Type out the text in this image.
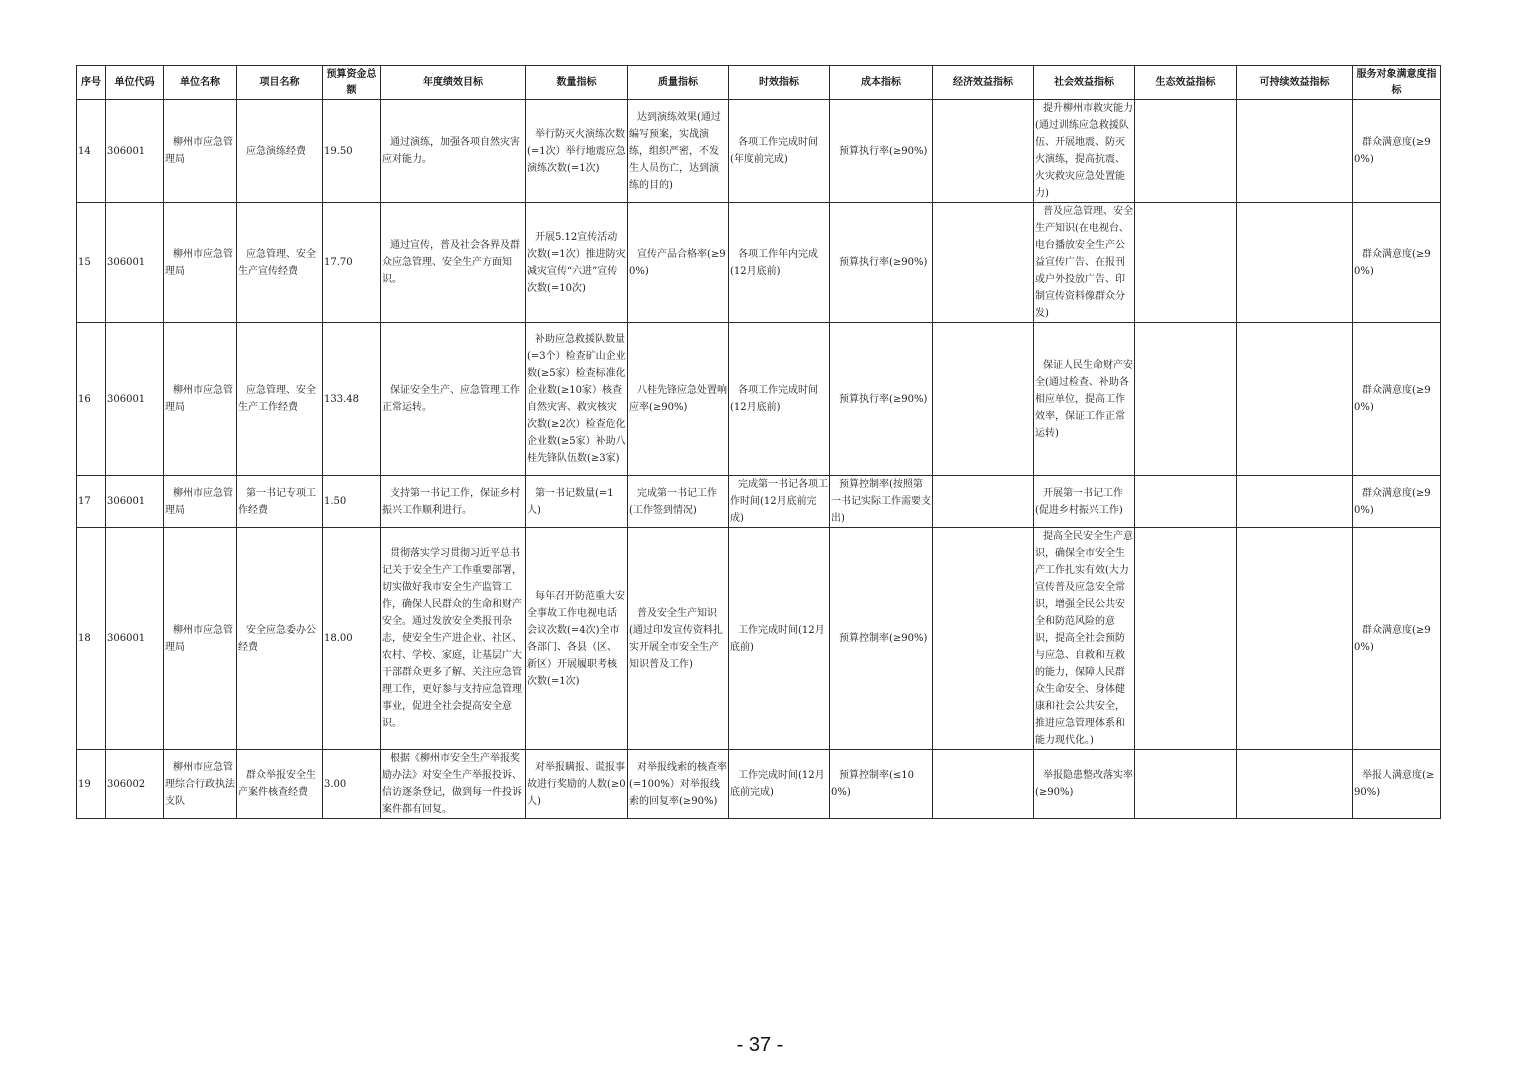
序号	单位代码	单位名称	项目名称	预算资金总额	年度绩效目标	数量指标	质量指标	时效指标	成本指标	经济效益指标	社会效益指标	生态效益指标	可持续效益指标	服务对象满意度指标
14	306001	柳州市应急管理局	应急演练经费	19.50	通过演练，加强各项自然灾害应对能力。	举行防灭火演练次数(=1次）举行地震应急演练次数(=1次)	达到演练效果(通过编写预案，实战演练，组织严密，不发生人员伤亡，达到演练的目的)	各项工作完成时间(年度前完成)	预算执行率(≥90%)		提升柳州市救灾能力(通过训练应急救援队伍、开展地震、防灭火演练，提高抗震、火灾救灾应急处置能力)			群众满意度(≥90%)
15	306001	柳州市应急管理局	应急管理、安全生产宣传经费	17.70	通过宣传，普及社会各界及群众应急管理、安全生产方面知识。	开展5.12宣传活动次数(=1次）推进防灾减灾宣传“六进”宣传次数(=10次)	宣传产品合格率(≥90%)	各项工作年内完成(12月底前)	预算执行率(≥90%)		普及应急管理、安全生产知识(在电视台、电台播放安全生产公益宣传广告、在报刊或户外投放广告、印制宣传资料像群众分发)			群众满意度(≥90%)
16	306001	柳州市应急管理局	应急管理、安全生产工作经费	133.48	保证安全生产、应急管理工作正常运转。	补助应急救援队数量(=3个）检查矿山企业数(≥5家）检查标准化企业数(≥10家）核查自然灾害、救灾核灾次数(≥2次）检查危化企业数(≥5家）补助八桂先锋队伍数(≥3家)	八桂先锋应急处置响应率(≥90%)	各项工作完成时间(12月底前)	预算执行率(≥90%)		保证人民生命财产安全(通过检查、补助各相应单位，提高工作效率，保证工作正常运转)			群众满意度(≥90%)
17	306001	柳州市应急管理局	第一书记专项工作经费	1.50	支持第一书记工作，保证乡村振兴工作顺利进行。	第一书记数量(=1人)	完成第一书记工作(工作签到情况)	完成第一书记各项工作时间(12月底前完成)	预算控制率(按照第一书记实际工作需要支出)		开展第一书记工作(促进乡村振兴工作)			群众满意度(≥90%)
18	306001	柳州市应急管理局	安全应急委办公经费	18.00	贯彻落实学习贯彻习近平总书记关于安全生产工作重要部署，切实做好我市安全生产监管工作，确保人民群众的生命和财产安全。通过发放安全类报刊杂志，使安全生产进企业、社区、农村、学校、家庭，让基层广大干部群众更多了解、关注应急管理工作，更好参与支持应急管理事业，促进全社会提高安全意识。	每年召开防范重大安全事故工作电视电话会议次数(=4次)全市各部门、各县（区、新区）开展履职考核次数(=1次)	普及安全生产知识(通过印发宣传资料扎实开展全市安全生产知识普及工作)	工作完成时间(12月底前)	预算控制率(≥90%)		提高全民安全生产意识，确保全市安全生产工作扎实有效(大力宣传普及应急安全常识，增强全民公共安全和防范风险的意识，提高全社会预防与应急、自救和互救的能力，保障人民群众生命安全、身体健康和社会公共安全，推进应急管理体系和能力现代化。)			群众满意度(≥90%)
19	306002	柳州市应急管理综合行政执法支队	群众举报安全生产案件核查经费	3.00	根据《柳州市安全生产举报奖励办法》对安全生产举报投诉、信访逐条登记，做到每一件投诉案件都有回复。	对举报瞒报、谎报事故进行奖励的人数(≥0人)	对举报线索的核查率(=100%）对举报线索的回复率(≥90%)	工作完成时间(12月底前完成)	预算控制率(≤100%)		举报隐患整改落实率(≥90%)			举报人满意度(≥90%)
- 37 -
